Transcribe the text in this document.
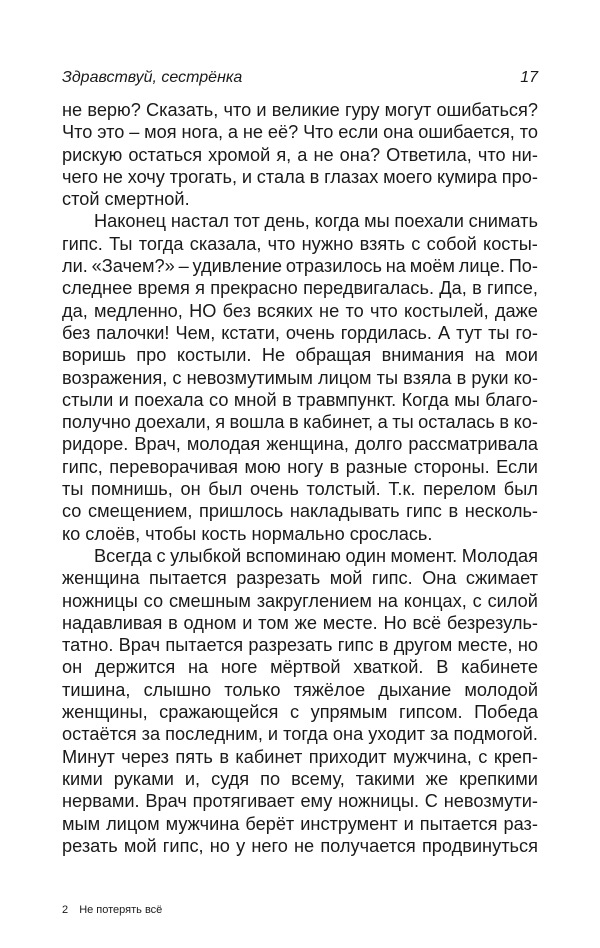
Здравствуй, сестрёнка	17
не верю? Сказать, что и великие гуру могут ошибаться?
Что это – моя нога, а не её? Что если она ошибается, то
рискую остаться хромой я, а не она? Ответила, что ни-
чего не хочу трогать, и стала в глазах моего кумира про-
стой смертной.
Наконец настал тот день, когда мы поехали снимать
гипс. Ты тогда сказала, что нужно взять с собой косты-
ли. «Зачем?» – удивление отразилось на моём лице. По-
следнее время я прекрасно передвигалась. Да, в гипсе,
да, медленно, НО без всяких не то что костылей, даже
без палочки! Чем, кстати, очень гордилась. А тут ты го-
воришь про костыли. Не обращая внимания на мои
возражения, с невозмутимым лицом ты взяла в руки ко-
стыли и поехала со мной в травмпункт. Когда мы благо-
получно доехали, я вошла в кабинет, а ты осталась в ко-
ридоре. Врач, молодая женщина, долго рассматривала
гипс, переворачивая мою ногу в разные стороны. Если
ты помнишь, он был очень толстый. Т.к. перелом был
со смещением, пришлось накладывать гипс в несколь-
ко слоёв, чтобы кость нормально срослась.
Всегда с улыбкой вспоминаю один момент. Молодая
женщина пытается разрезать мой гипс. Она сжимает
ножницы со смешным закруглением на концах, с силой
надавливая в одном и том же месте. Но всё безрезуль-
татно. Врач пытается разрезать гипс в другом месте, но
он держится на ноге мёртвой хваткой. В кабинете
тишина, слышно только тяжёлое дыхание молодой
женщины, сражающейся с упрямым гипсом. Победа
остаётся за последним, и тогда она уходит за подмогой.
Минут через пять в кабинет приходит мужчина, с креп-
кими руками и, судя по всему, такими же крепкими
нервами. Врач протягивает ему ножницы. С невозмути-
мым лицом мужчина берёт инструмент и пытается раз-
резать мой гипс, но у него не получается продвинуться
2 Не потерять всё
